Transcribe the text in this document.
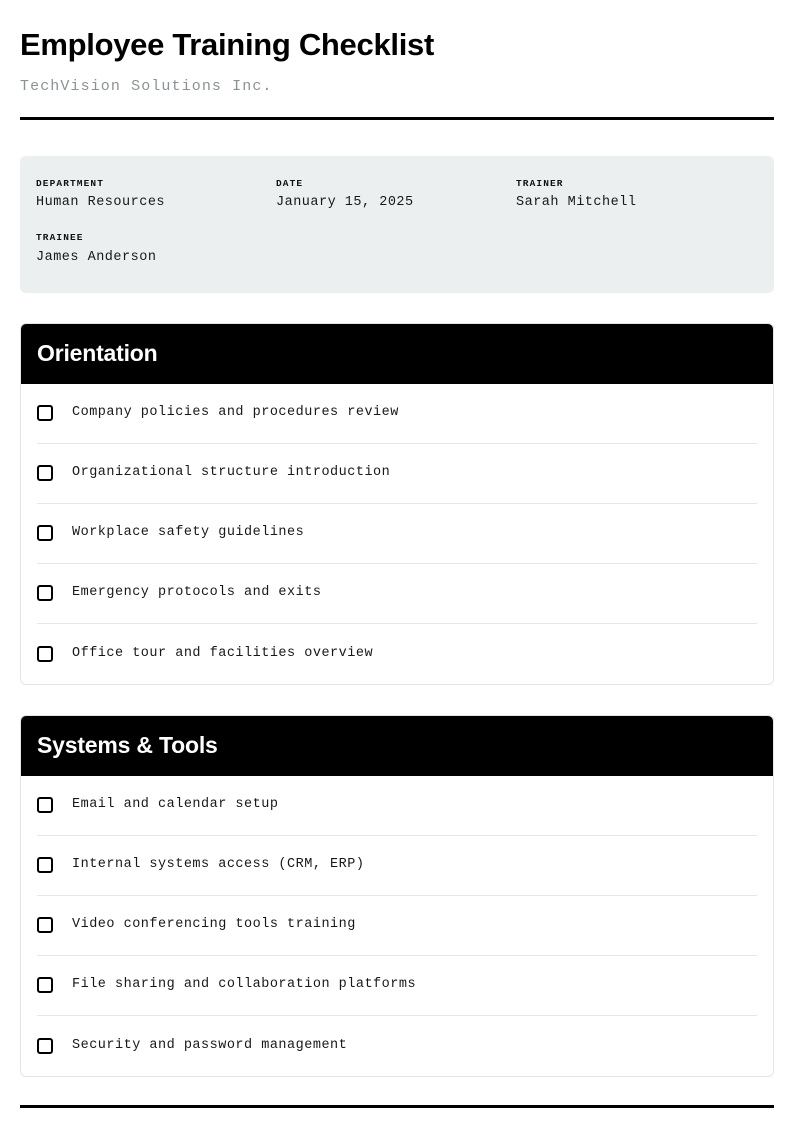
Employee Training Checklist

TechVision Solutions Inc.

DEPARTMENT
Human Resources
DATE
January 15, 2025
TRAINER
Sarah Mitchell
TRAINEE
James Anderson
Orientation
Company policies and procedures review
Organizational structure introduction
Workplace safety guidelines
Emergency protocols and exits
Office tour and facilities overview
Systems & Tools
Email and calendar setup
Internal systems access (CRM, ERP)
Video conferencing tools training
File sharing and collaboration platforms
Security and password management
